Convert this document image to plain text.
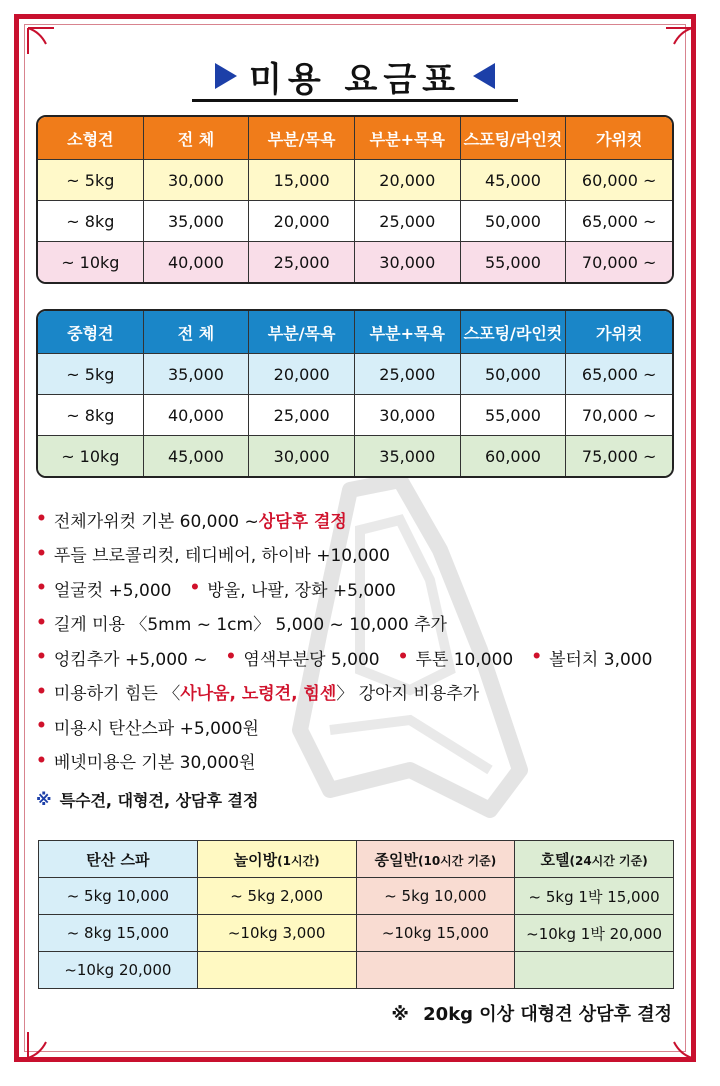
미용 요금표
소형견	전 체	부분/목욕	부분+목욕	스포팅/라인컷	가위컷
~ 5kg	30,000	15,000	20,000	45,000	60,000 ~
~ 8kg	35,000	20,000	25,000	50,000	65,000 ~
~ 10kg	40,000	25,000	30,000	55,000	70,000 ~
중형견	전 체	부분/목욕	부분+목욕	스포팅/라인컷	가위컷
~ 5kg	35,000	20,000	25,000	50,000	65,000 ~
~ 8kg	40,000	25,000	30,000	55,000	70,000 ~
~ 10kg	45,000	30,000	35,000	60,000	75,000 ~
• 전체가위컷 기본 60,000 ~ 상담후 결정
• 푸들 브로콜리컷, 테디베어, 하이바 +10,000
• 얼굴컷 +5,000 • 방울, 나팔, 장화 +5,000
• 길게 미용 〈5mm ~ 1cm〉 5,000 ~ 10,000 추가
• 엉킴추가 +5,000 ~ • 염색부분당 5,000 • 투톤 10,000 • 볼터치 3,000
• 미용하기 힘든 〈 사나움, 노령견, 힘센 〉 강아지 비용추가
• 미용시 탄산스파 +5,000원
• 베넷미용은 기본 30,000원
※ 특수견, 대형견, 상담후 결정
탄산 스파	놀이방(1시간)	종일반(10시간 기준)	호텔(24시간 기준)
~ 5kg 10,000	~ 5kg 2,000	~ 5kg 10,000	~ 5kg 1박 15,000
~ 8kg 15,000	~10kg 3,000	~10kg 15,000	~10kg 1박 20,000
~10kg 20,000			
※ 20kg 이상 대형견 상담후 결정
